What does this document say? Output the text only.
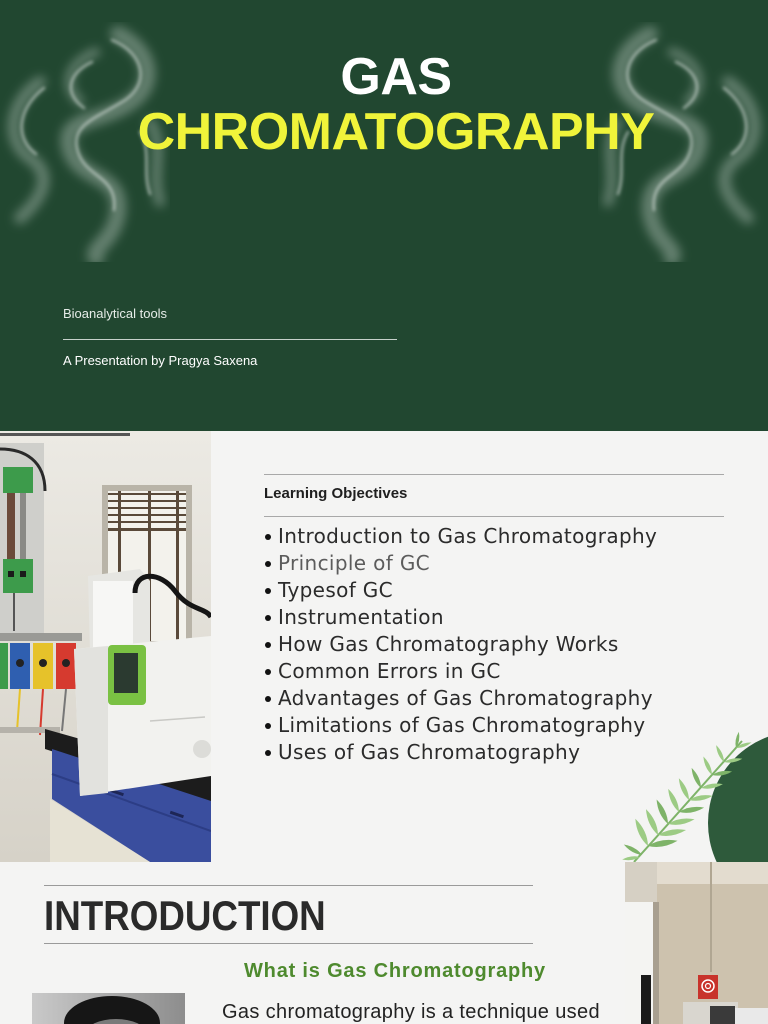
GAS
CHROMATOGRAPHY
Bioanalytical tools
A Presentation by Pragya Saxena
Learning Objectives
Introduction to Gas Chromatography
Principle of GC
Typesof GC
Instrumentation
How Gas Chromatography Works
Common Errors in GC
Advantages of Gas Chromatography
Limitations of Gas Chromatography
Uses of Gas Chromatography
INTRODUCTION
What is Gas Chromatography

Gas chromatography is a technique used
